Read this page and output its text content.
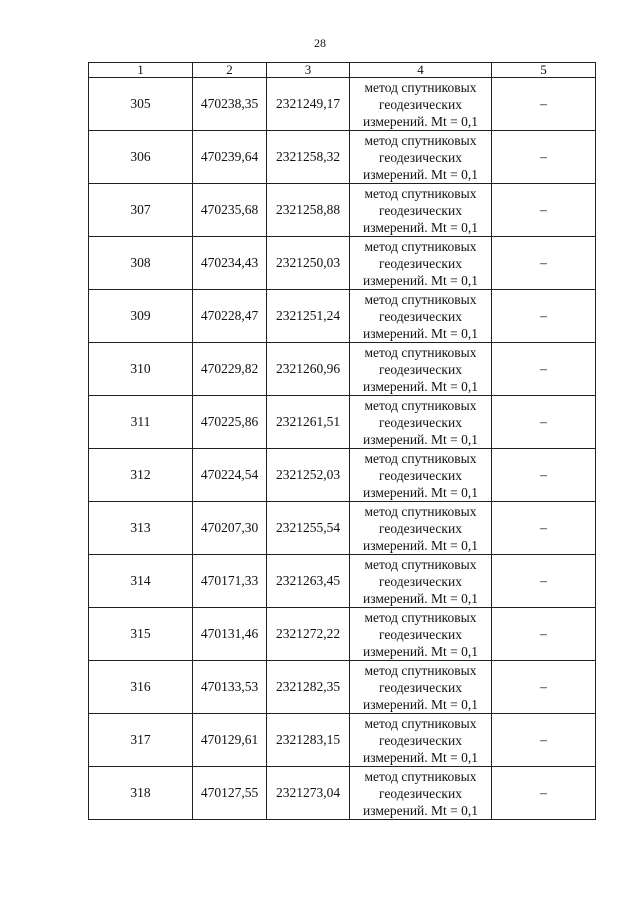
28
1	2	3	4	5
305	470238,35	2321249,17	метод спутниковых
геодезических
измерений. Mt = 0,1	–
306	470239,64	2321258,32	метод спутниковых
геодезических
измерений. Mt = 0,1	–
307	470235,68	2321258,88	метод спутниковых
геодезических
измерений. Mt = 0,1	–
308	470234,43	2321250,03	метод спутниковых
геодезических
измерений. Mt = 0,1	–
309	470228,47	2321251,24	метод спутниковых
геодезических
измерений. Mt = 0,1	–
310	470229,82	2321260,96	метод спутниковых
геодезических
измерений. Mt = 0,1	–
311	470225,86	2321261,51	метод спутниковых
геодезических
измерений. Mt = 0,1	–
312	470224,54	2321252,03	метод спутниковых
геодезических
измерений. Mt = 0,1	–
313	470207,30	2321255,54	метод спутниковых
геодезических
измерений. Mt = 0,1	–
314	470171,33	2321263,45	метод спутниковых
геодезических
измерений. Mt = 0,1	–
315	470131,46	2321272,22	метод спутниковых
геодезических
измерений. Mt = 0,1	–
316	470133,53	2321282,35	метод спутниковых
геодезических
измерений. Mt = 0,1	–
317	470129,61	2321283,15	метод спутниковых
геодезических
измерений. Mt = 0,1	–
318	470127,55	2321273,04	метод спутниковых
геодезических
измерений. Mt = 0,1	–
